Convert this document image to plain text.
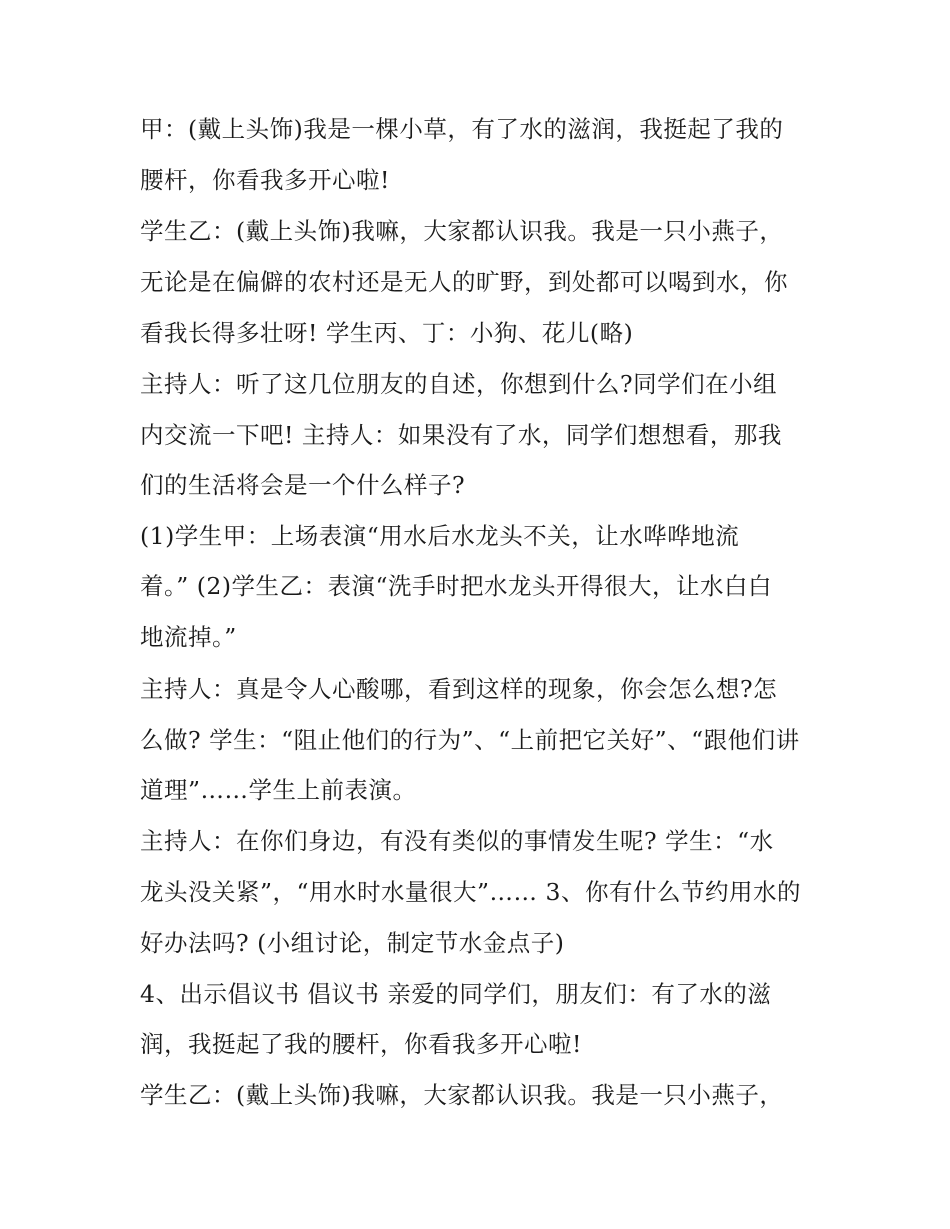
甲：(戴上头饰)我是一棵小草，有了水的滋润，我挺起了我的
腰杆，你看我多开心啦!
学生乙：(戴上头饰)我嘛，大家都认识我。我是一只小燕子，
无论是在偏僻的农村还是无人的旷野，到处都可以喝到水，你
看我长得多壮呀! 学生丙、丁：小狗、花儿(略)
主持人：听了这几位朋友的自述，你想到什么?同学们在小组
内交流一下吧! 主持人：如果没有了水，同学们想想看，那我
们的生活将会是一个什么样子?
(1)学生甲：上场表演“用水后水龙头不关，让水哗哗地流
着。” (2)学生乙：表演“洗手时把水龙头开得很大，让水白白
地流掉。”
主持人：真是令人心酸哪，看到这样的现象，你会怎么想?怎
么做? 学生：“阻止他们的行为”、“上前把它关好”、“跟他们讲
道理”……学生上前表演。
主持人：在你们身边，有没有类似的事情发生呢? 学生：“水
龙头没关紧”，“用水时水量很大”…… 3、你有什么节约用水的
好办法吗? (小组讨论，制定节水金点子)
4、出示倡议书 倡议书 亲爱的同学们，朋友们：有了水的滋
润，我挺起了我的腰杆，你看我多开心啦!
学生乙：(戴上头饰)我嘛，大家都认识我。我是一只小燕子，
